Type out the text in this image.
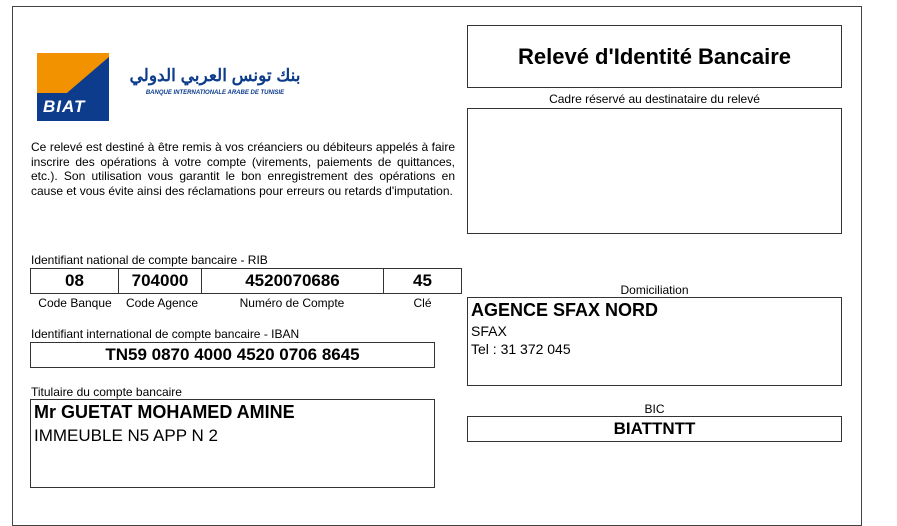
BIAT
بنك تونس العربي الدولي
BANQUE INTERNATIONALE ARABE DE TUNISIE
Relevé d'Identité Bancaire
Cadre réservé au destinataire du relevé
Ce relevé est destiné à être remis à vos créanciers ou débiteurs appelés à faire inscrire des opérations à votre compte (virements, paiements de quittances, etc.). Son utilisation vous garantit le bon enregistrement des opérations en cause et vous évite ainsi des réclamations pour erreurs ou retards d'imputation.
Identifiant national de compte bancaire - RIB
08	704000	4520070686	45
Code Banque	Code Agence	Numéro de Compte	Clé
Identifiant international de compte bancaire - IBAN
TN59 0870 4000 4520 0706 8645
Titulaire du compte bancaire
Mr GUETAT MOHAMED AMINE
IMMEUBLE N5 APP N 2
Domiciliation
AGENCE SFAX NORD
SFAX
Tel : 31 372 045
BIC
BIATTNTT
